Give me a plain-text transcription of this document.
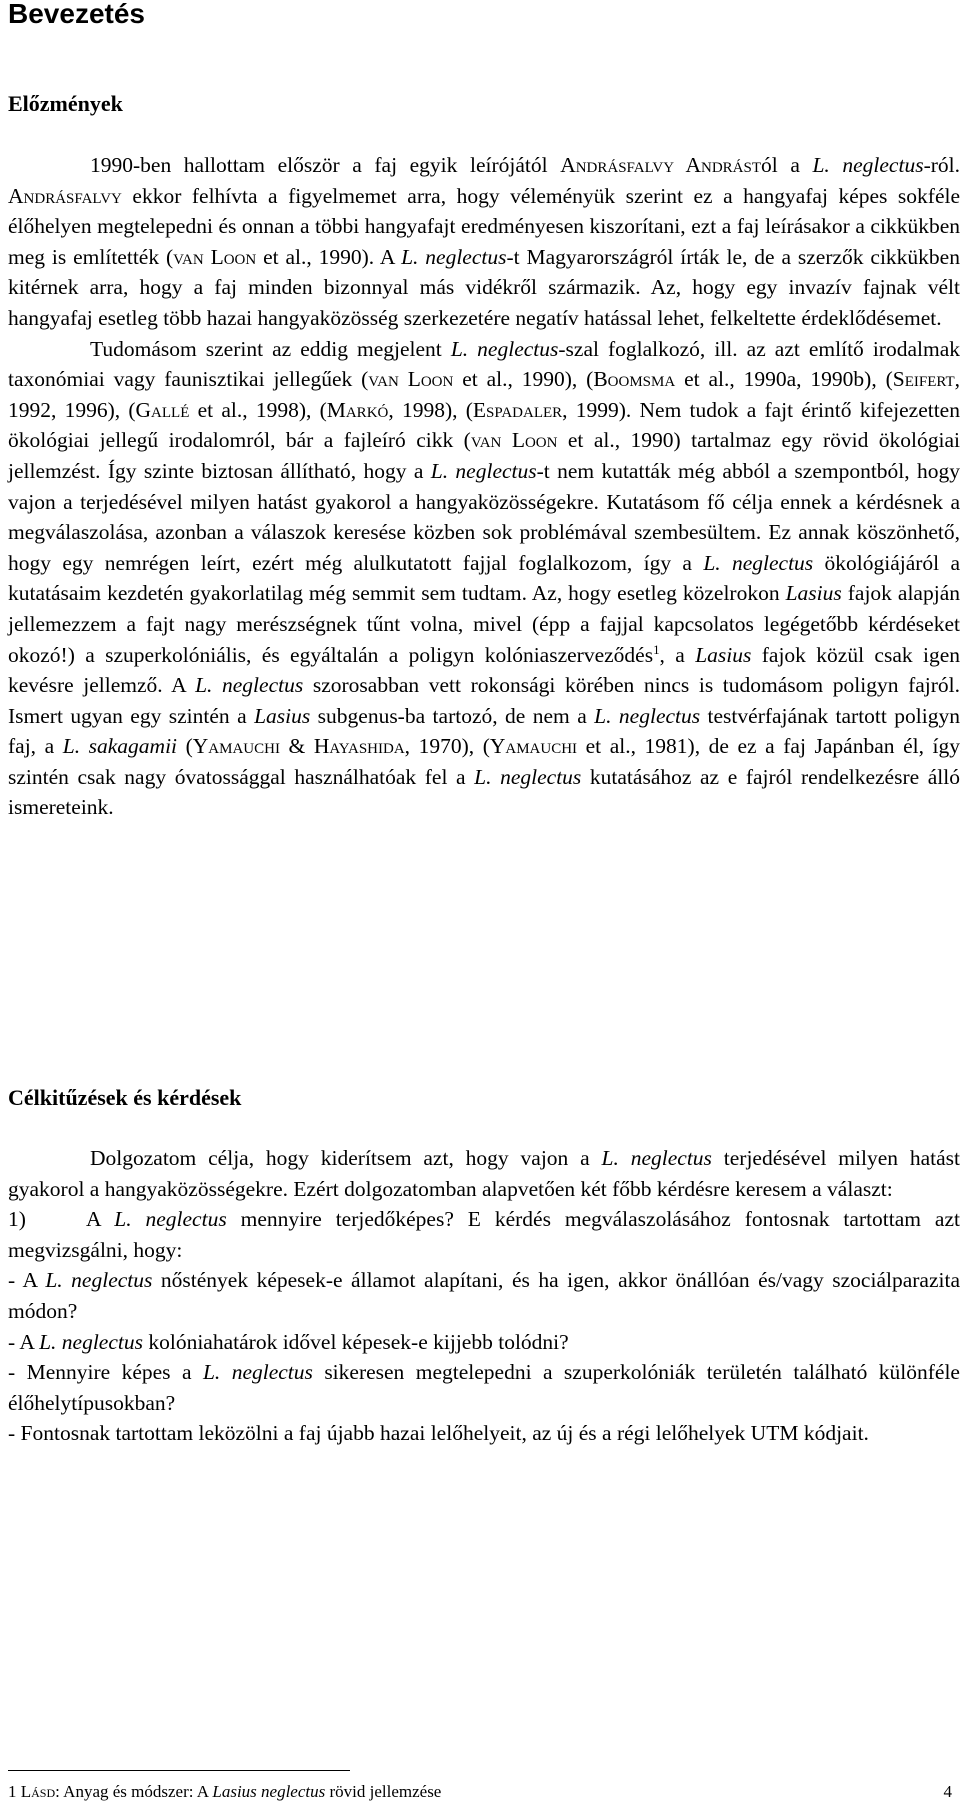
Bevezetés
Előzmények

1990-ben hallottam először a faj egyik leírójától Andrásfalvy Andrástól a L. neglectus-ról. Andrásfalvy ekkor felhívta a figyelmemet arra, hogy véleményük szerint ez a hangyafaj képes sokféle élőhelyen megtelepedni és onnan a többi hangyafajt eredményesen kiszorítani, ezt a faj leírásakor a cikkükben meg is említették (van Loon et al., 1990). A L. neglectus-t Magyarországról írták le, de a szerzők cikkükben kitérnek arra, hogy a faj minden bizonnyal más vidékről származik. Az, hogy egy invazív fajnak vélt hangyafaj esetleg több hazai hangyaközösség szerkezetére negatív hatással lehet, felkeltette érdeklődésemet.

Tudomásom szerint az eddig megjelent L. neglectus-szal foglalkozó, ill. az azt említő irodalmak taxonómiai vagy faunisztikai jellegűek (van Loon et al., 1990), (Boomsma et al., 1990a, 1990b), (Seifert, 1992, 1996), (Gallé et al., 1998), (Markó, 1998), (Espadaler, 1999). Nem tudok a fajt érintő kifejezetten ökológiai jellegű irodalomról, bár a fajleíró cikk (van Loon et al., 1990) tartalmaz egy rövid ökológiai jellemzést. Így szinte biztosan állítható, hogy a L. neglectus-t nem kutatták még abból a szempontból, hogy vajon a terjedésével milyen hatást gyakorol a hangyaközösségekre. Kutatásom fő célja ennek a kérdésnek a megválaszolása, azonban a válaszok keresése közben sok problémával szembesültem. Ez annak köszönhető, hogy egy nemrégen leírt, ezért még alulkutatott fajjal foglalkozom, így a L. neglectus ökológiájáról a kutatásaim kezdetén gyakorlatilag még semmit sem tudtam. Az, hogy esetleg közelrokon Lasius fajok alapján jellemezzem a fajt nagy merészségnek tűnt volna, mivel (épp a fajjal kapcsolatos legégetőbb kérdéseket okozó!) a szuperkolóniális, és egyáltalán a poligyn kolóniaszerveződés$^1$, a Lasius fajok közül csak igen kevésre jellemző. A L. neglectus szorosabban vett rokonsági körében nincs is tudomásom poligyn fajról. Ismert ugyan egy szintén a Lasius subgenus-ba tartozó, de nem a L. neglectus testvérfajának tartott poligyn faj, a L. sakagamii (Yamauchi & Hayashida, 1970), (Yamauchi et al., 1981), de ez a faj Japánban él, így szintén csak nagy óvatossággal használhatóak fel a L. neglectus kutatásához az e fajról rendelkezésre álló ismereteink.

Célkitűzések és kérdések

Dolgozatom célja, hogy kiderítsem azt, hogy vajon a L. neglectus terjedésével milyen hatást gyakorol a hangyaközösségekre. Ezért dolgozatomban alapvetően két főbb kérdésre keresem a választ:

1)	A L. neglectus mennyire terjedőképes? E kérdés megválaszolásához fontosnak tartottam azt megvizsgálni, hogy:

- A L. neglectus nőstények képesek-e államot alapítani, és ha igen, akkor önállóan és/vagy szociálparazita módon?

- A L. neglectus kolóniahatárok idővel képesek-e kijjebb tolódni?

- Mennyire képes a L. neglectus sikeresen megtelepedni a szuperkolóniák területén található különféle élőhelytípusokban?

- Fontosnak tartottam leközölni a faj újabb hazai lelőhelyeit, az új és a régi lelőhelyek UTM kódjait.

1 Lásd: Anyag és módszer: A Lasius neglectus rövid jellemzése	4
